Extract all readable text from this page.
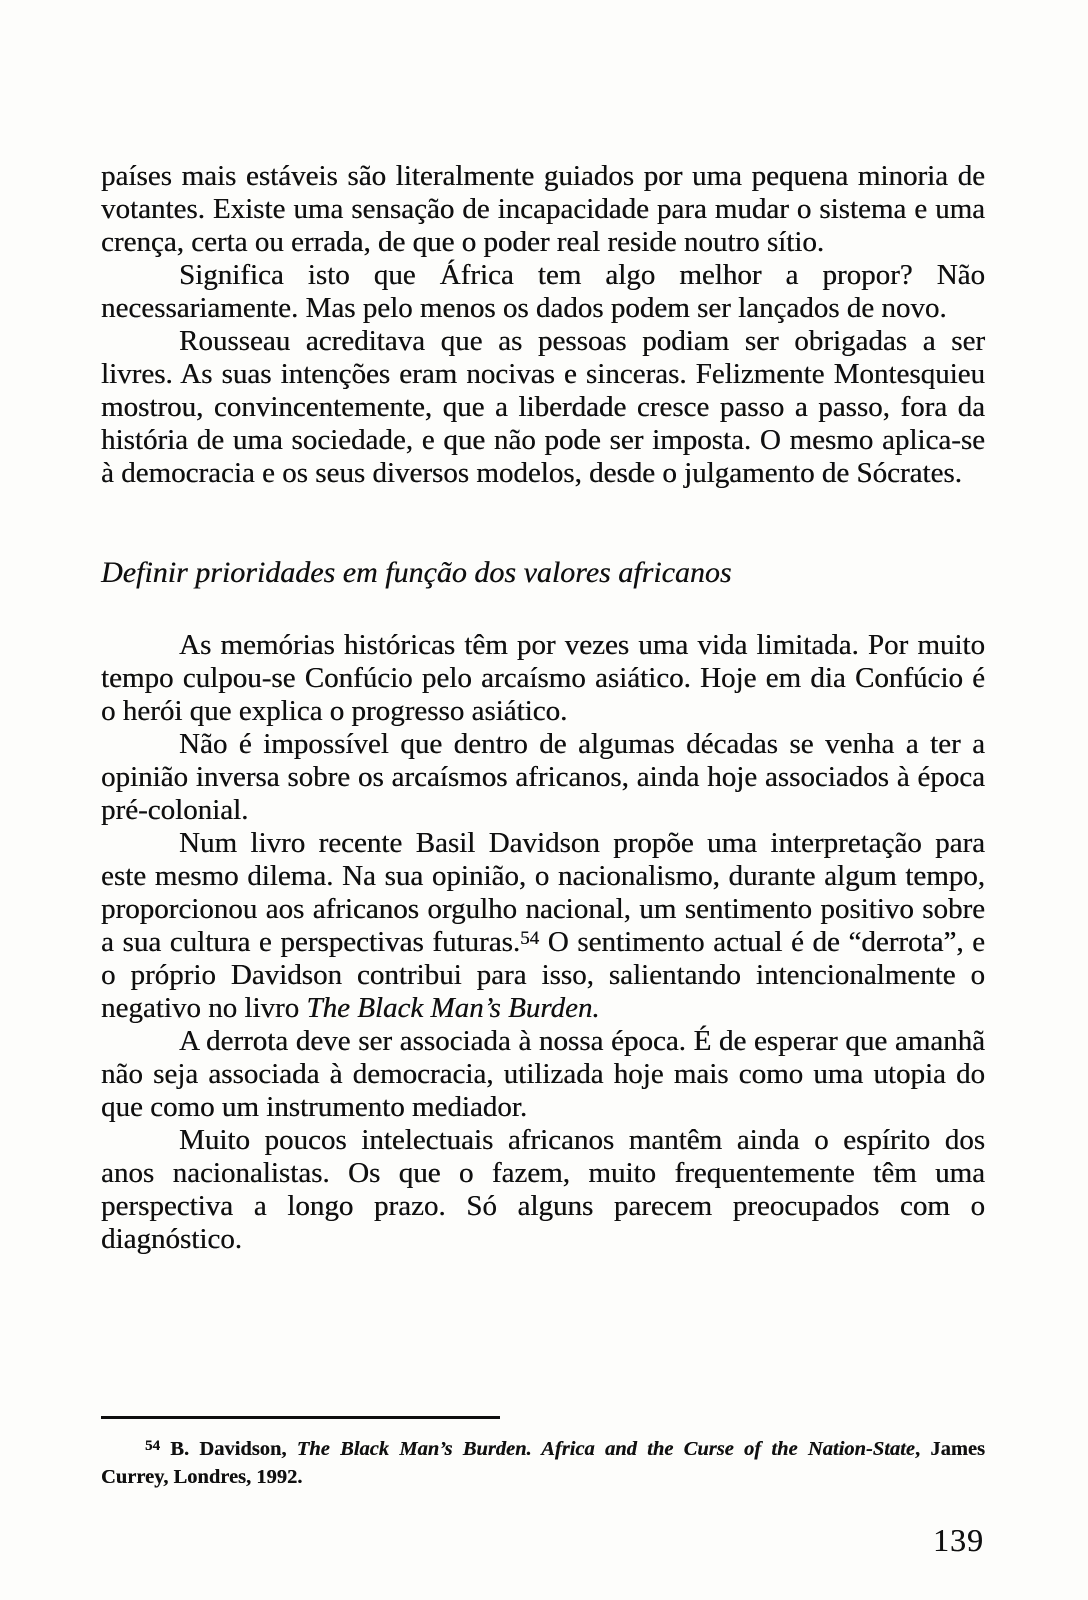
países mais estáveis são literalmente guiados por uma pequena minoria de votantes. Existe uma sensação de incapacidade para mudar o sistema e uma crença, certa ou errada, de que o poder real reside noutro sítio.

Significa isto que África tem algo melhor a propor? Não necessariamente. Mas pelo menos os dados podem ser lançados de novo.

Rousseau acreditava que as pessoas podiam ser obrigadas a ser livres. As suas intenções eram nocivas e sinceras. Felizmente Montesquieu mostrou, convincentemente, que a liberdade cresce passo a passo, fora da história de uma sociedade, e que não pode ser imposta. O mesmo aplica-se à democracia e os seus diversos modelos, desde o julgamento de Sócrates.

Definir prioridades em função dos valores africanos

As memórias históricas têm por vezes uma vida limitada. Por muito tempo culpou-se Confúcio pelo arcaísmo asiático. Hoje em dia Confúcio é o herói que explica o progresso asiático.

Não é impossível que dentro de algumas décadas se venha a ter a opinião inversa sobre os arcaísmos africanos, ainda hoje associados à época pré-colonial.

Num livro recente Basil Davidson propõe uma interpretação para este mesmo dilema. Na sua opinião, o nacionalismo, durante algum tempo, proporcionou aos africanos orgulho nacional, um sentimento positivo sobre a sua cultura e perspectivas futuras.$^{54}$ O sentimento actual é de “derrota”, e o próprio Davidson contribui para isso, salientando intencionalmente o negativo no livro The Black Man’s Burden.

A derrota deve ser associada à nossa época. É de esperar que amanhã não seja associada à democracia, utilizada hoje mais como uma utopia do que como um instrumento mediador.

Muito poucos intelectuais africanos mantêm ainda o espírito dos anos nacionalistas. Os que o fazem, muito frequentemente têm uma perspectiva a longo prazo. Só alguns parecem preocupados com o diagnóstico.

$^{54}$ B. Davidson, The Black Man’s Burden. Africa and the Curse of the Nation-State, James Currey, Londres, 1992.

139
